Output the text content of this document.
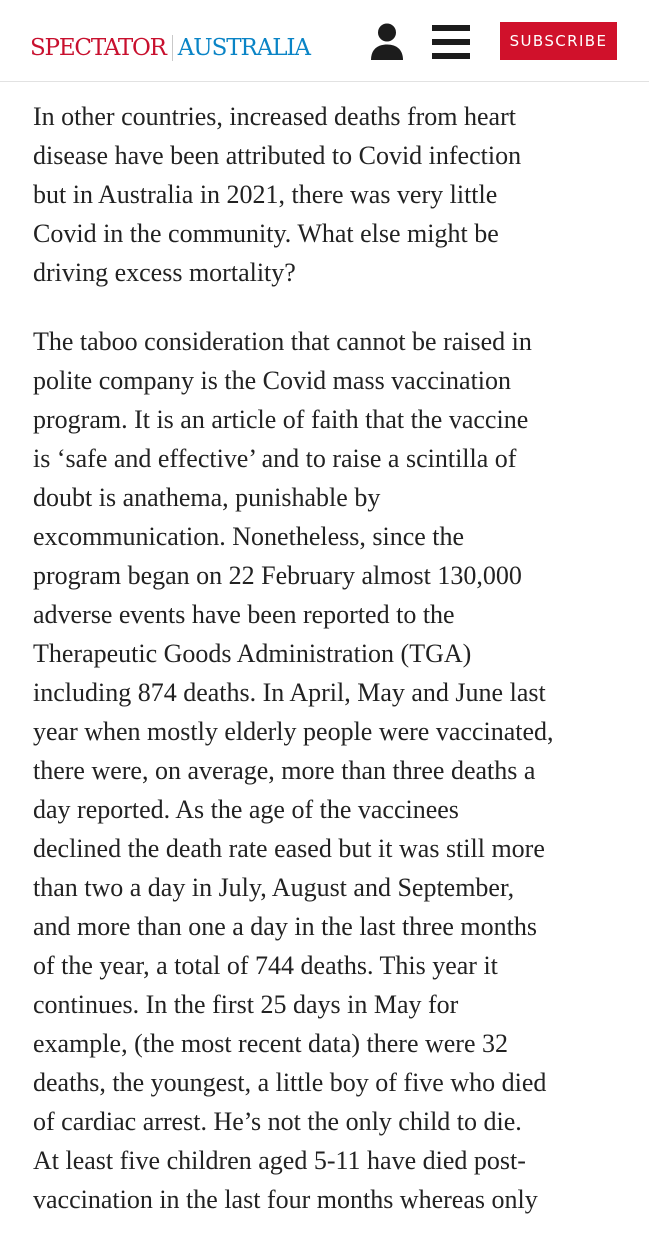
SPECTATOR AUSTRALIA	SUBSCRIBE

In other countries, increased deaths from heart
disease have been attributed to Covid infection
but in Australia in 2021, there was very little
Covid in the community. What else might be
driving excess mortality?

The taboo consideration that cannot be raised in
polite company is the Covid mass vaccination
program. It is an article of faith that the vaccine
is ‘safe and effective’ and to raise a scintilla of
doubt is anathema, punishable by
excommunication. Nonetheless, since the
program began on 22 February almost 130,000
adverse events have been reported to the
Therapeutic Goods Administration (TGA)
including 874 deaths. In April, May and June last
year when mostly elderly people were vaccinated,
there were, on average, more than three deaths a
day reported. As the age of the vaccinees
declined the death rate eased but it was still more
than two a day in July, August and September,
and more than one a day in the last three months
of the year, a total of 744 deaths. This year it
continues. In the first 25 days in May for
example, (the most recent data) there were 32
deaths, the youngest, a little boy of five who died
of cardiac arrest. He’s not the only child to die.
At least five children aged 5-11 have died post-
vaccination in the last four months whereas only
